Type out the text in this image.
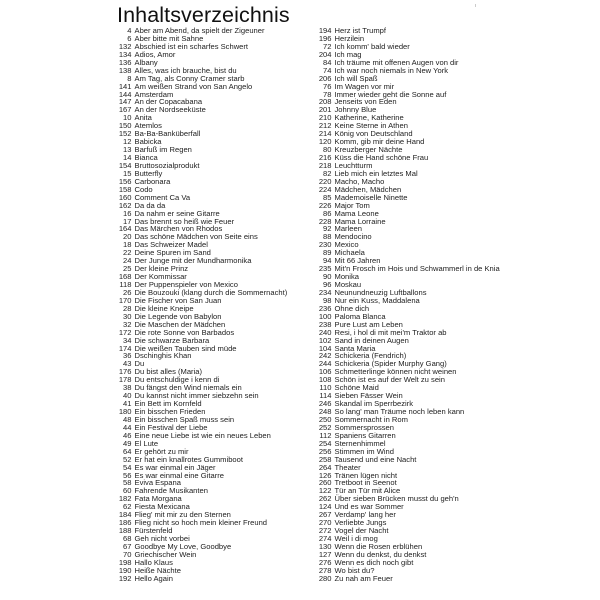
Inhaltsverzeichnis
4 Aber am Abend, da spielt der Zigeuner
6 Aber bitte mit Sahne
132 Abschied ist ein scharfes Schwert
134 Adios, Amor
136 Albany
138 Alles, was ich brauche, bist du
8 Am Tag, als Conny Cramer starb
141 Am weißen Strand von San Angelo
144 Amsterdam
147 An der Copacabana
167 An der Nordseeküste
10 Anita
150 Atemlos
152 Ba-Ba-Banküberfall
12 Babicka
13 Barfuß im Regen
14 Bianca
154 Bruttosozialprodukt
15 Butterfly
156 Carbonara
158 Codo
160 Comment Ca Va
162 Da da da
16 Da nahm er seine Gitarre
17 Das brennt so heiß wie Feuer
164 Das Märchen von Rhodos
20 Das schöne Mädchen von Seite eins
18 Das Schweizer Madel
22 Deine Spuren im Sand
24 Der Junge mit der Mundharmonika
25 Der kleine Prinz
168 Der Kommissar
118 Der Puppenspieler von Mexico
26 Die Bouzouki (klang durch die Sommernacht)
170 Die Fischer von San Juan
28 Die kleine Kneipe
30 Die Legende von Babylon
32 Die Maschen der Mädchen
172 Die rote Sonne von Barbados
34 Die schwarze Barbara
174 Die weißen Tauben sind müde
36 Dschinghis Khan
43 Du
176 Du bist alles (Maria)
178 Du entschuldige i kenn di
38 Du fängst den Wind niemals ein
40 Du kannst nicht immer siebzehn sein
41 Ein Bett im Kornfeld
180 Ein bisschen Frieden
48 Ein bisschen Spaß muss sein
44 Ein Festival der Liebe
46 Eine neue Liebe ist wie ein neues Leben
49 El Lute
64 Er gehört zu mir
52 Er hat ein knallrotes Gummiboot
54 Es war einmal ein Jäger
56 Es war einmal eine Gitarre
58 Eviva Espana
60 Fahrende Musikanten
182 Fata Morgana
62 Fiesta Mexicana
184 Flieg' mit mir zu den Sternen
186 Flieg nicht so hoch mein kleiner Freund
188 Fürstenfeld
68 Geh nicht vorbei
67 Goodbye My Love, Goodbye
70 Griechischer Wein
198 Hallo Klaus
190 Heiße Nächte
192 Hello Again
194 Herz ist Trumpf
196 Herzilein
72 Ich komm' bald wieder
204 Ich mag
84 Ich träume mit offenen Augen von dir
74 Ich war noch niemals in New York
206 Ich will Spaß
76 Im Wagen vor mir
78 Immer wieder geht die Sonne auf
208 Jenseits von Eden
201 Johnny Blue
210 Katherine, Katherine
212 Keine Sterne in Athen
214 König von Deutschland
120 Komm, gib mir deine Hand
80 Kreuzberger Nächte
216 Küss die Hand schöne Frau
218 Leuchtturm
82 Lieb mich ein letztes Mal
220 Macho, Macho
224 Mädchen, Mädchen
85 Mademoiselle Ninette
226 Major Tom
86 Mama Leone
228 Mama Lorraine
92 Marleen
88 Mendocino
230 Mexico
89 Michaela
94 Mit 66 Jahren
235 Mit'n Frosch im Hois und Schwammerl in de Knia
90 Monika
96 Moskau
234 Neunundneuzig Luftballons
98 Nur ein Kuss, Maddalena
236 Ohne dich
100 Paloma Blanca
238 Pure Lust am Leben
240 Resi, i hol di mit mei'm Traktor ab
102 Sand in deinen Augen
104 Santa Maria
242 Schickeria (Fendrich)
244 Schickeria (Spider Murphy Gang)
106 Schmetterlinge können nicht weinen
108 Schön ist es auf der Welt zu sein
110 Schöne Maid
114 Sieben Fässer Wein
246 Skandal im Sperrbezirk
248 So lang' man Träume noch leben kann
250 Sommernacht in Rom
252 Sommersprossen
112 Spaniens Gitarren
254 Sternenhimmel
256 Stimmen im Wind
258 Tausend und eine Nacht
264 Theater
126 Tränen lügen nicht
260 Tretboot in Seenot
122 Tür an Tür mit Alice
262 Über sieben Brücken musst du geh'n
124 Und es war Sommer
267 Verdamp' lang her
270 Verliebte Jungs
272 Vogel der Nacht
274 Weil i di mog
130 Wenn die Rosen erblühen
127 Wenn du denkst, du denkst
276 Wenn es dich noch gibt
278 Wo bist du?
280 Zu nah am Feuer
